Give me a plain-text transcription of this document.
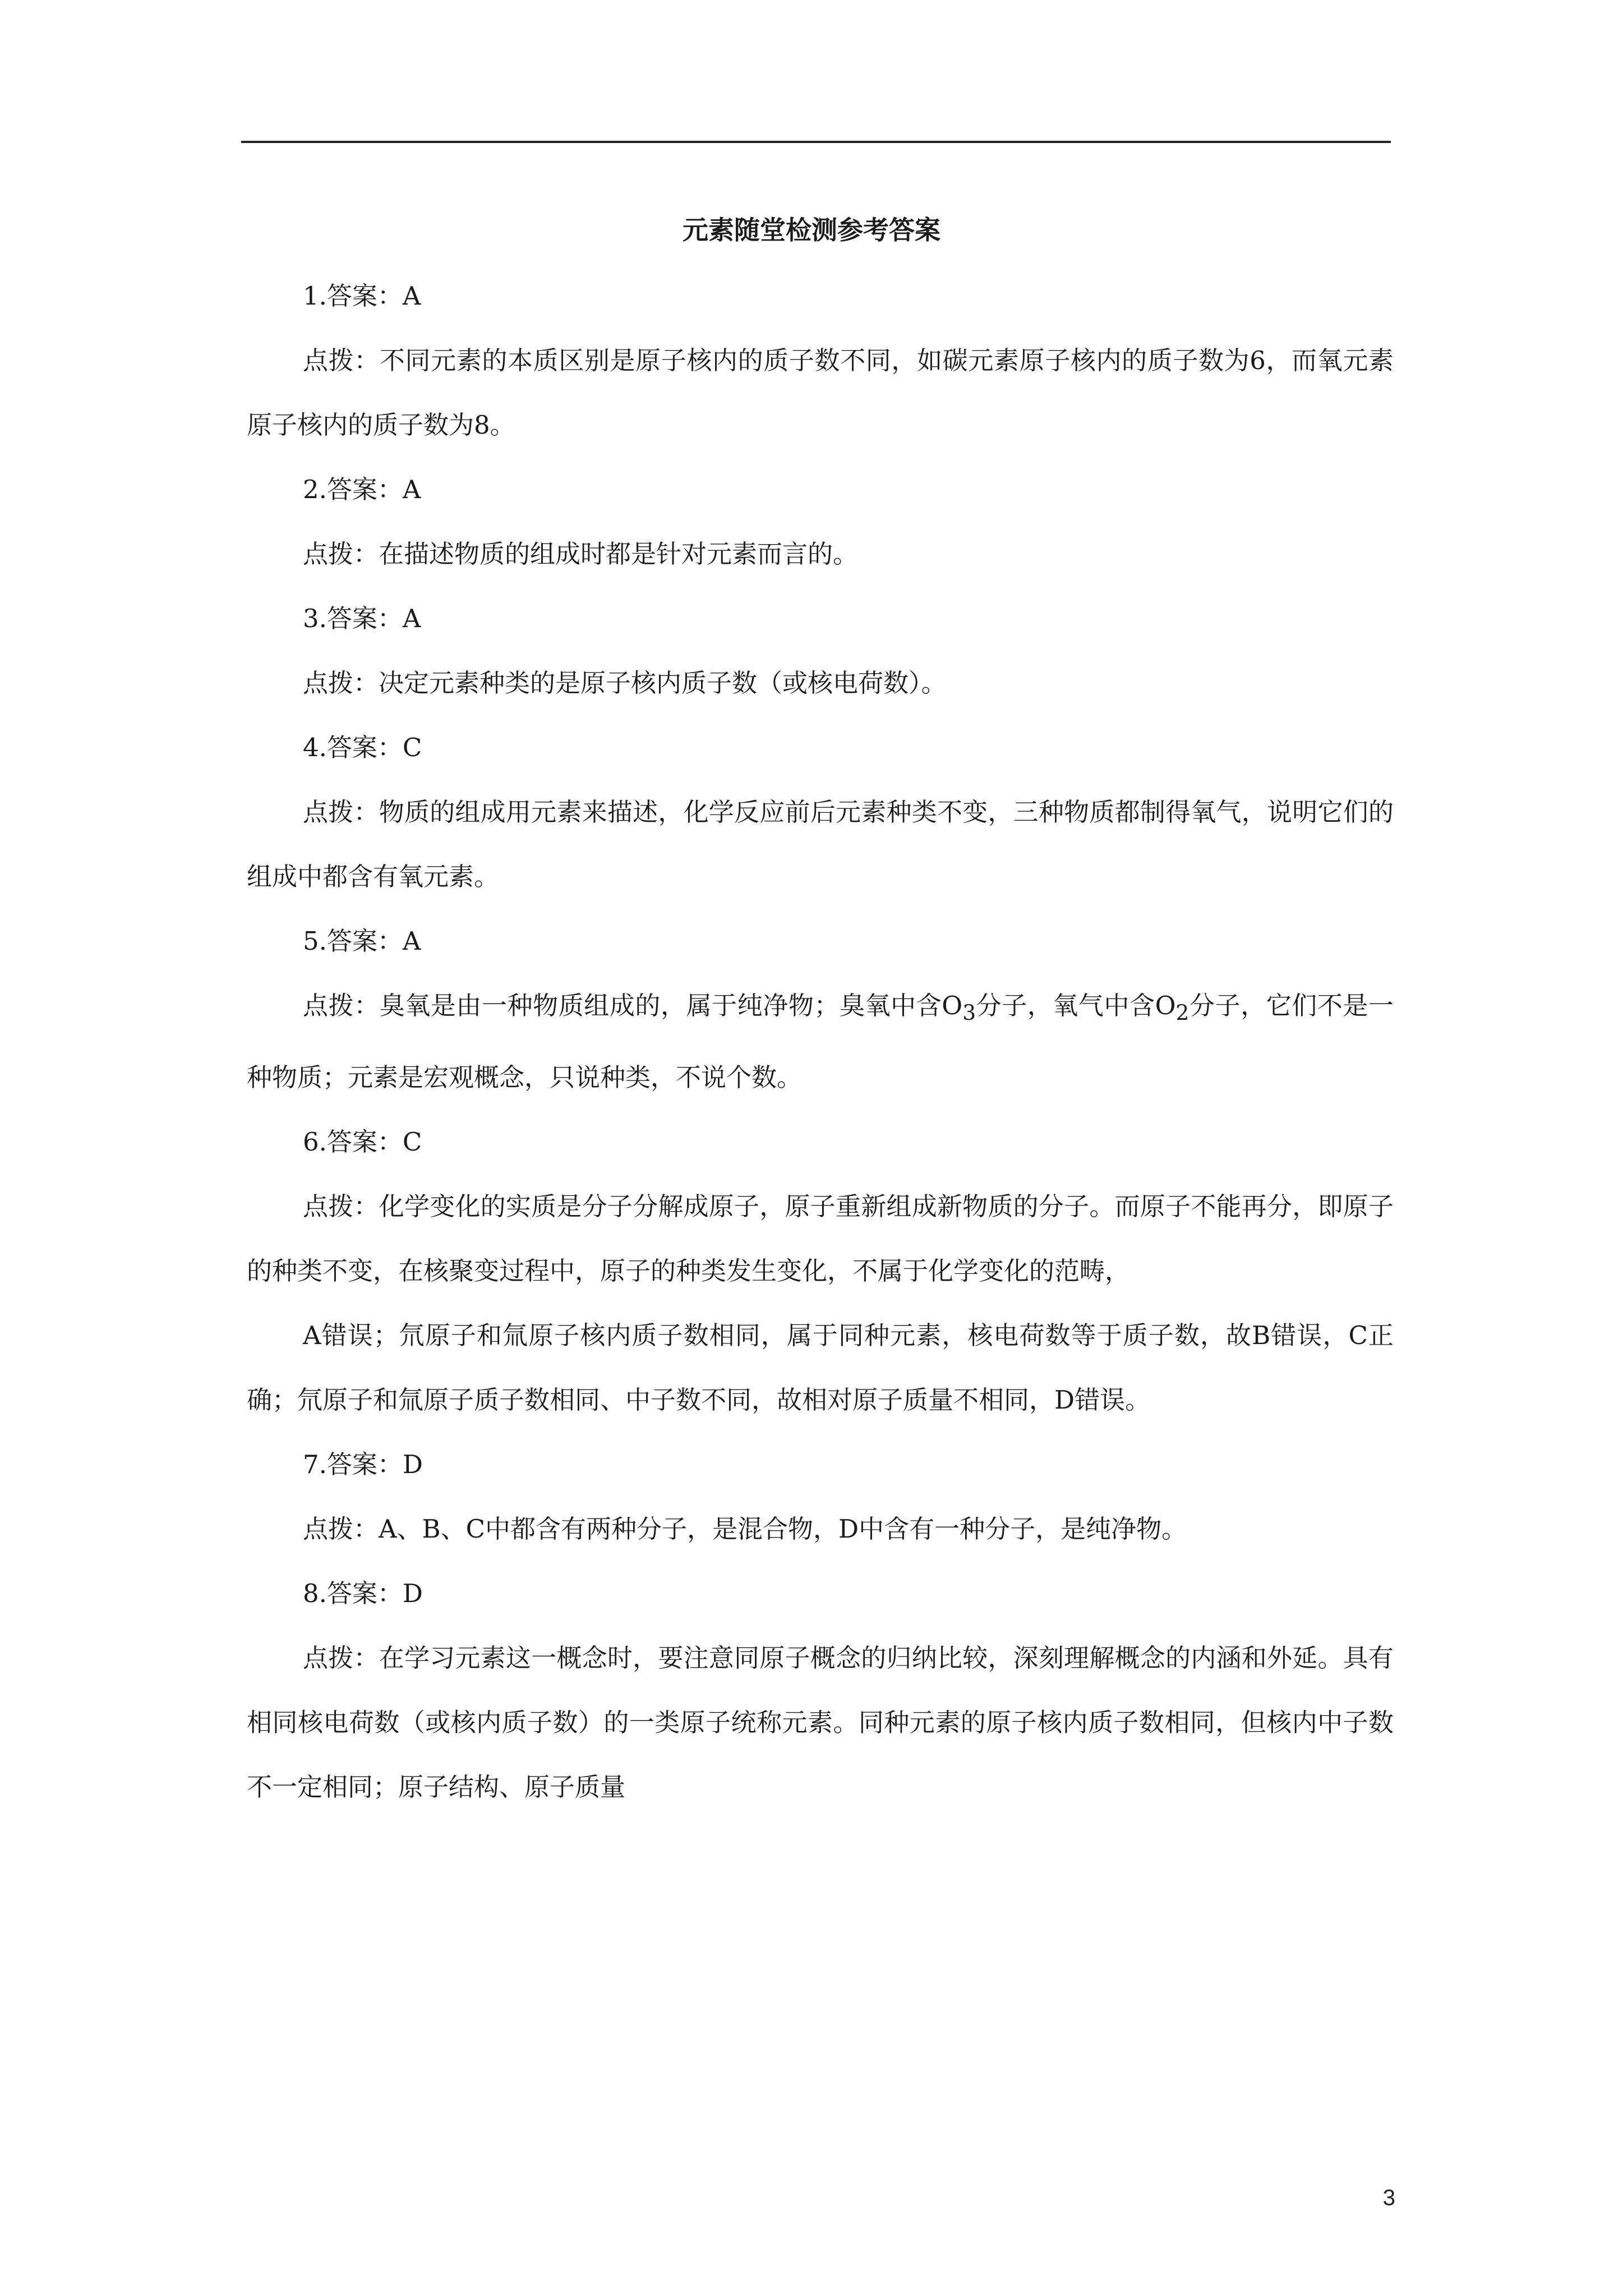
元素随堂检测参考答案

1.答案：A

点拨：不同元素的本质区别是原子核内的质子数不同，如碳元素原子核内的质子数为6，而氧元素原子核内的质子数为8。

2.答案：A

点拨：在描述物质的组成时都是针对元素而言的。

3.答案：A

点拨：决定元素种类的是原子核内质子数（或核电荷数）。

4.答案：C

点拨：物质的组成用元素来描述，化学反应前后元素种类不变，三种物质都制得氧气，说明它们的组成中都含有氧元素。

5.答案：A

点拨：臭氧是由一种物质组成的，属于纯净物；臭氧中含$O_3$分子，氧气中含$O_2$分子，它们不是一种物质；元素是宏观概念，只说种类，不说个数。

6.答案：C

点拨：化学变化的实质是分子分解成原子，原子重新组成新物质的分子。而原子不能再分，即原子的种类不变，在核聚变过程中，原子的种类发生变化，不属于化学变化的范畴，

A错误；氘原子和氚原子核内质子数相同，属于同种元素，核电荷数等于质子数，故B错误，C正确；氘原子和氚原子质子数相同、中子数不同，故相对原子质量不相同，D错误。

7.答案：D

点拨：A、B、C中都含有两种分子，是混合物，D中含有一种分子，是纯净物。

8.答案：D

点拨：在学习元素这一概念时，要注意同原子概念的归纳比较，深刻理解概念的内涵和外延。具有相同核电荷数（或核内质子数）的一类原子统称元素。同种元素的原子核内质子数相同，但核内中子数不一定相同；原子结构、原子质量

3
